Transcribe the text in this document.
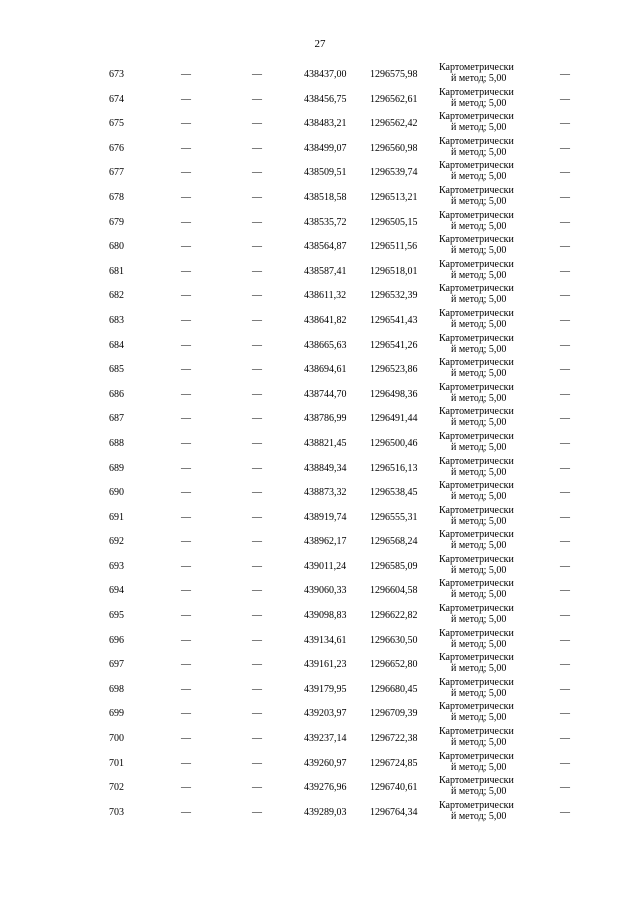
27
673	—	—	438437,00 1296575,98
Картометрически
й метод; 5,00	—
674	—	—	438456,75 1296562,61
Картометрически
й метод; 5,00	—
675	—	—	438483,21 1296562,42
Картометрически
й метод; 5,00	—
676	—	—	438499,07 1296560,98
Картометрически
й метод; 5,00	—
677	—	—	438509,51 1296539,74
Картометрически
й метод; 5,00	—
678	—	—	438518,58 1296513,21
Картометрически
й метод; 5,00	—
679	—	—	438535,72 1296505,15
Картометрически
й метод; 5,00	—
680	—	—	438564,87 1296511,56
Картометрически
й метод; 5,00	—
681	—	—	438587,41 1296518,01
Картометрически
й метод; 5,00	—
682	—	—	438611,32 1296532,39
Картометрически
й метод; 5,00	—
683	—	—	438641,82 1296541,43
Картометрически
й метод; 5,00	—
684	—	—	438665,63 1296541,26
Картометрически
й метод; 5,00	—
685	—	—	438694,61 1296523,86
Картометрически
й метод; 5,00	—
686	—	—	438744,70 1296498,36
Картометрически
й метод; 5,00	—
687	—	—	438786,99 1296491,44
Картометрически
й метод; 5,00	—
688	—	—	438821,45 1296500,46
Картометрически
й метод; 5,00	—
689	—	—	438849,34 1296516,13
Картометрически
й метод; 5,00	—
690	—	—	438873,32 1296538,45
Картометрически
й метод; 5,00	—
691	—	—	438919,74 1296555,31
Картометрически
й метод; 5,00	—
692	—	—	438962,17 1296568,24
Картометрически
й метод; 5,00	—
693	—	—	439011,24 1296585,09
Картометрически
й метод; 5,00	—
694	—	—	439060,33 1296604,58
Картометрически
й метод; 5,00	—
695	—	—	439098,83 1296622,82
Картометрически
й метод; 5,00	—
696	—	—	439134,61 1296630,50
Картометрически
й метод; 5,00	—
697	—	—	439161,23 1296652,80
Картометрически
й метод; 5,00	—
698	—	—	439179,95 1296680,45
Картометрически
й метод; 5,00	—
699	—	—	439203,97 1296709,39
Картометрически
й метод; 5,00	—
700	—	—	439237,14 1296722,38
Картометрически
й метод; 5,00	—
701	—	—	439260,97 1296724,85
Картометрически
й метод; 5,00	—
702	—	—	439276,96 1296740,61
Картометрически
й метод; 5,00	—
703	—	—	439289,03 1296764,34
Картометрически
й метод; 5,00	—
